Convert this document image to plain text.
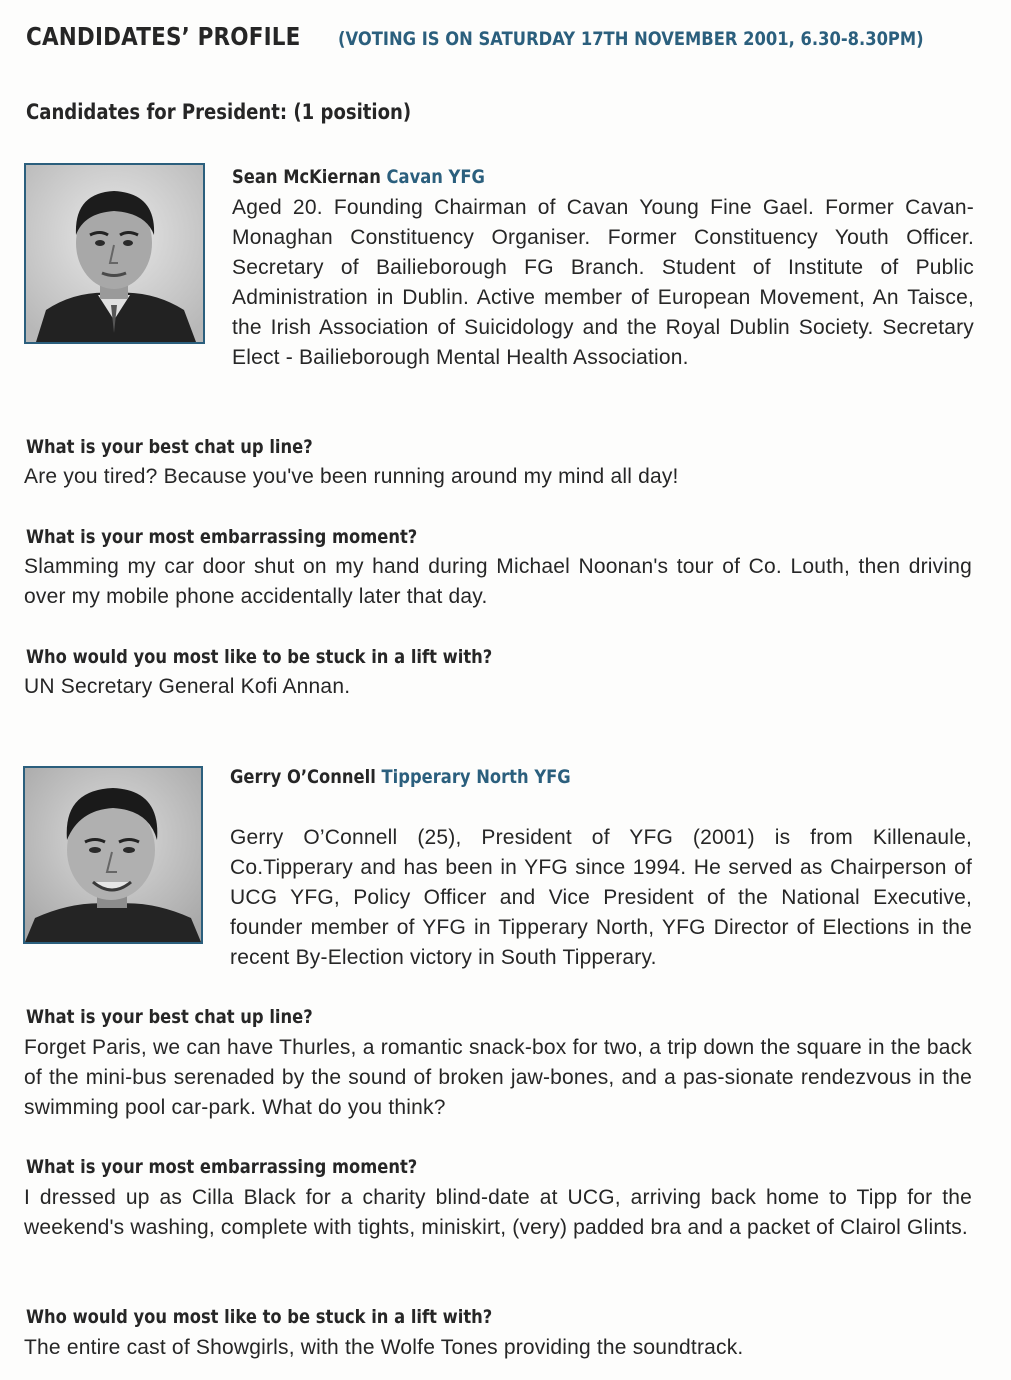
CANDIDATES’ PROFILE (VOTING IS ON SATURDAY 17TH NOVEMBER 2001, 6.30-8.30PM)
Candidates for President: (1 position)
Sean McKiernan Cavan YFG
Aged 20. Founding Chairman of Cavan Young Fine Gael. Former Cavan-Monaghan Constituency Organiser. Former Constituency Youth Officer. Secretary of Bailieborough FG Branch. Student of Institute of Public Administration in Dublin. Active member of European Movement, An Taisce, the Irish Association of Suicidology and the Royal Dublin Society. Secretary Elect - Bailieborough Mental Health Association.
What is your best chat up line?
Are you tired? Because you've been running around my mind all day!
What is your most embarrassing moment?
Slamming my car door shut on my hand during Michael Noonan's tour of Co. Louth, then driving over my mobile phone accidentally later that day.
Who would you most like to be stuck in a lift with?
UN Secretary General Kofi Annan.
Gerry O’Connell Tipperary North YFG
Gerry O’Connell (25), President of YFG (2001) is from Killenaule, Co.Tipperary and has been in YFG since 1994. He served as Chairperson of UCG YFG, Policy Officer and Vice President of the National Executive, founder member of YFG in Tipperary North, YFG Director of Elections in the recent By-Election victory in South Tipperary.
What is your best chat up line?
Forget Paris, we can have Thurles, a romantic snack-box for two, a trip down the square in the back of the mini-bus serenaded by the sound of broken jaw-bones, and a pas-sionate rendezvous in the swimming pool car-park. What do you think?
What is your most embarrassing moment?
I dressed up as Cilla Black for a charity blind-date at UCG, arriving back home to Tipp for the weekend's washing, complete with tights, miniskirt, (very) padded bra and a packet of Clairol Glints.
Who would you most like to be stuck in a lift with?
The entire cast of Showgirls, with the Wolfe Tones providing the soundtrack.
